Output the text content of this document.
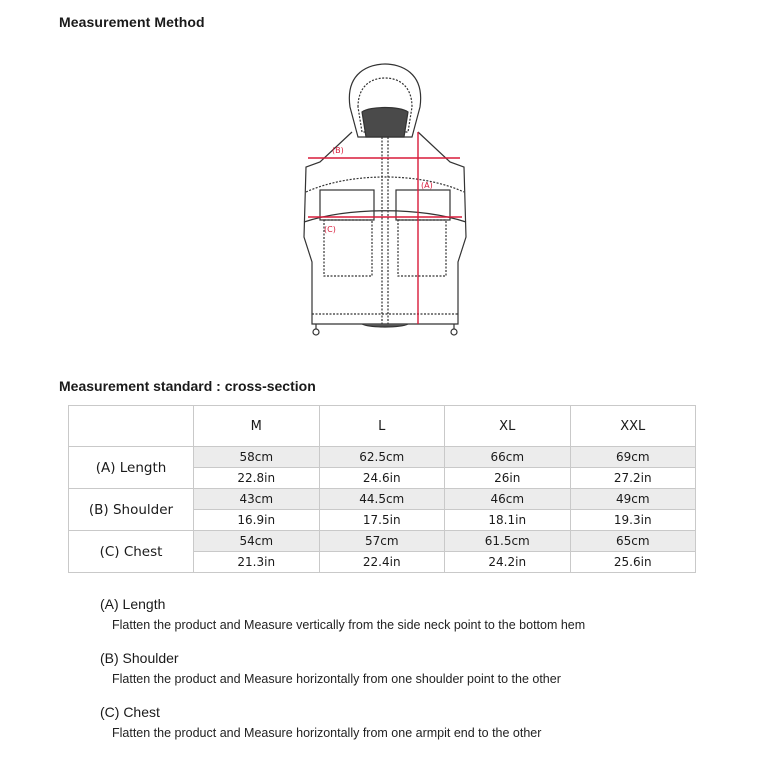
Measurement Method
(B)
(A)
(C)
Measurement standard : cross-section
	M	L	XL	XXL
(A) Length	58cm	62.5cm	66cm	69cm
	22.8in	24.6in	26in	27.2in
(B) Shoulder	43cm	44.5cm	46cm	49cm
	16.9in	17.5in	18.1in	19.3in
(C) Chest	54cm	57cm	61.5cm	65cm
	21.3in	22.4in	24.2in	25.6in
(A) Length
Flatten the product and Measure vertically from the side neck point to the bottom hem
(B) Shoulder
Flatten the product and Measure horizontally from one shoulder point to the other
(C) Chest
Flatten the product and Measure horizontally from one armpit end to the other
